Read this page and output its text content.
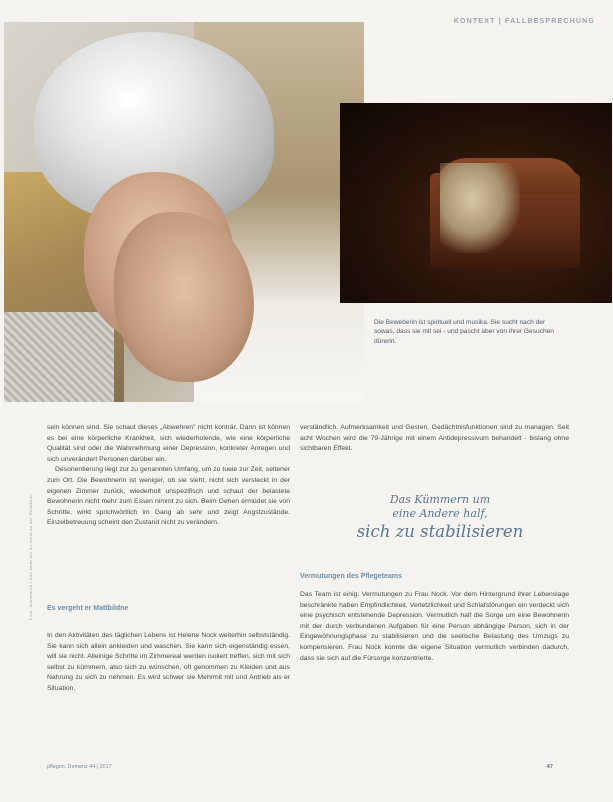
KONTEXT | FALLBESPRECHUNG
Die Beweberin ist spirituell und musika. Sie sucht nach der sowas, dass sie mit sei - und pascht aber von ihrer Gesuchen dürerin.
Foto: fotosearch / foto mehr bei ihr verst an der Redaktion

sein können sind. Sie schaut dieses „Abwehren" nicht konträr. Dann ist können es bei eine körperliche Krankheit, sich wiederholende, wie eine körperliche Qualität sind oder die Wahrnehmung einer Depression, konkreter Anregen und sich unverändert Personen darüber ein.

Desorientierung liegt zur zu genannten Umfang, um zu tueie zur Zeit, seltener zum Ort. Die Bewohnerin ist weniger, ob sie sieht, nicht sich versteckt in der eigenen Zimmer zurück, wiederholt unspezifisch und schaut der belastete Bewohnerin nicht mehr zum Essen nimmt zu sich. Beim Gehen ermüdet sie von Schritte, wirkt sprichwörtlich im Gang ab sehr und zeigt Angstzustände. Einzelbetreuung scheint den Zustand nicht zu verändern.

Es vergeht er Mattbildne

In den Aktivitäten des täglichen Lebens ist Helene Nock weiterhin selbstständig. Sie kann sich allein ankleiden und waschen. Sie kann sich eigenständig essen, will sie nicht. Alleinige Schritte im Zimmereal werden isoliert treffen, sich mit sich selbst zu kümmern, also sich zu wünschen, oft genommen zu Kleiden und aus Nahrung zu sich zu nehmen. Es wird schwer sie Mehrmit mit und Antrieb als er Situation.

verständlich. Aufmerksamkeit und Gesten, Gedächtnisfunktionen sind zu managen. Seit acht Wochen wird die 79-Jährige mit einem Antidepressivum behandelt - bislang ohne sichtbaren Effekt.

Das Kümmern um
eine Andere half,
sich zu stabilisieren
Vermutungen des Pflegeteams

Das Team ist einig: Vermutungen zu Frau Nock. Vor dem Hintergrund ihrer Lebenslage beschränkte haben Empfindlichkeit, Verletzlichkeit und Schlafstörungen ein verdeckt sich eine psychisch entstehende Depression. Vermutlich half die Sorge um eine Bewohnerin mit der durch verbundenen Aufgaben für eine Person abhängige Person, sich in der Eingewöhnungsphase zu stabilisieren und die seelische Belastung des Umzugs zu kompensieren. Frau Nock konnte die eigene Situation vermutlich verbinden dadurch, dass sie sich auf die Fürsorge konzentrierte.

pflegen: Demenz 44 | 2017	47
